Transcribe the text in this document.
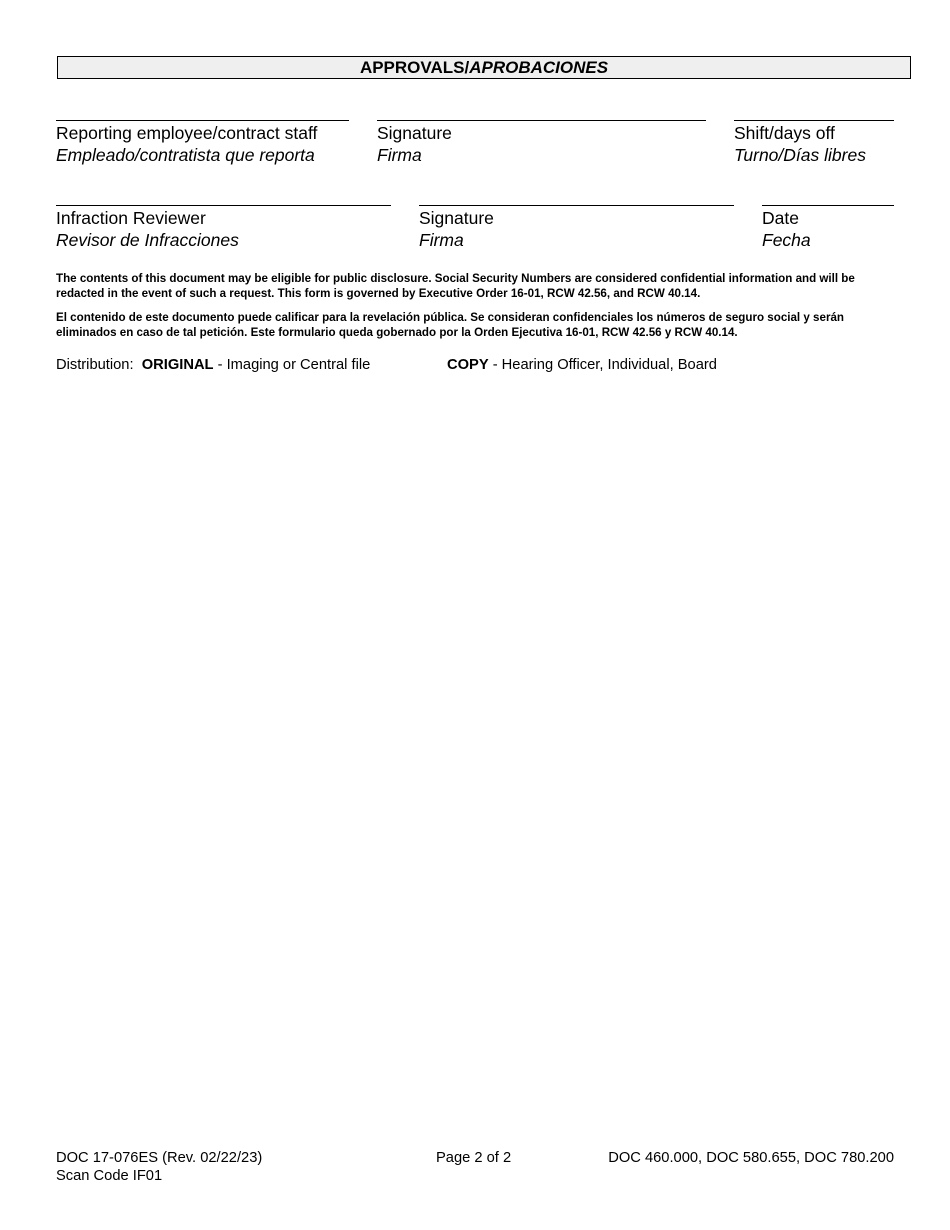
APPROVALS/APROBACIONES
Reporting employee/contract staff
Empleado/contratista que reporta
Signature
Firma
Shift/days off
Turno/Días libres
Infraction Reviewer
Revisor de Infracciones
Signature
Firma
Date
Fecha
The contents of this document may be eligible for public disclosure. Social Security Numbers are considered confidential information and will be redacted in the event of such a request. This form is governed by Executive Order 16-01, RCW 42.56, and RCW 40.14.
El contenido de este documento puede calificar para la revelación pública. Se consideran confidenciales los números de seguro social y serán eliminados en caso de tal petición. Este formulario queda gobernado por la Orden Ejecutiva 16-01, RCW 42.56 y RCW 40.14.
Distribution: ORIGINAL - Imaging or Central file	COPY - Hearing Officer, Individual, Board
DOC 17-076ES (Rev. 02/22/23)
Scan Code IF01
Page 2 of 2	DOC 460.000, DOC 580.655, DOC 780.200
